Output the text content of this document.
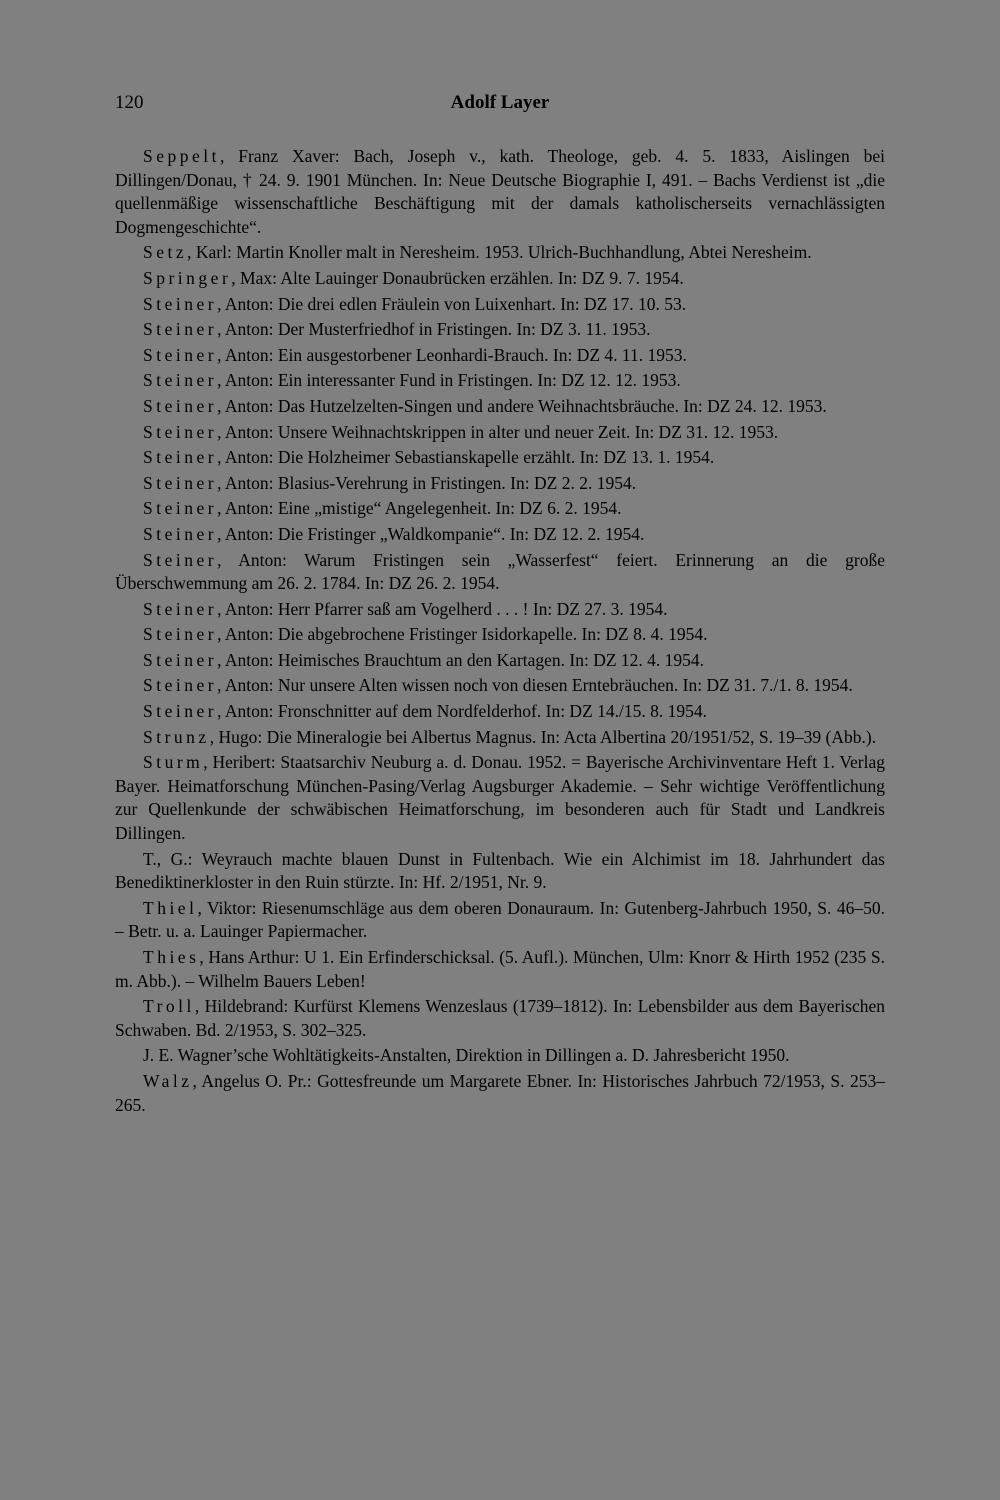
120	Adolf Layer

Seppelt, Franz Xaver: Bach, Joseph v., kath. Theologe, geb. 4. 5. 1833, Aislingen bei Dillingen/Donau, † 24. 9. 1901 München. In: Neue Deutsche Biographie I, 491. – Bachs Verdienst ist „die quellenmäßige wissenschaftliche Beschäftigung mit der damals katholischerseits vernachlässigten Dogmengeschichte“.

Setz, Karl: Martin Knoller malt in Neresheim. 1953. Ulrich-Buchhandlung, Abtei Neresheim.

Springer, Max: Alte Lauinger Donaubrücken erzählen. In: DZ 9. 7. 1954.

Steiner, Anton: Die drei edlen Fräulein von Luixenhart. In: DZ 17. 10. 53.

Steiner, Anton: Der Musterfriedhof in Fristingen. In: DZ 3. 11. 1953.

Steiner, Anton: Ein ausgestorbener Leonhardi-Brauch. In: DZ 4. 11. 1953.

Steiner, Anton: Ein interessanter Fund in Fristingen. In: DZ 12. 12. 1953.

Steiner, Anton: Das Hutzelzelten-Singen und andere Weihnachtsbräuche. In: DZ 24. 12. 1953.

Steiner, Anton: Unsere Weihnachtskrippen in alter und neuer Zeit. In: DZ 31. 12. 1953.

Steiner, Anton: Die Holzheimer Sebastianskapelle erzählt. In: DZ 13. 1. 1954.

Steiner, Anton: Blasius-Verehrung in Fristingen. In: DZ 2. 2. 1954.

Steiner, Anton: Eine „mistige“ Angelegenheit. In: DZ 6. 2. 1954.

Steiner, Anton: Die Fristinger „Waldkompanie“. In: DZ 12. 2. 1954.

Steiner, Anton: Warum Fristingen sein „Wasserfest“ feiert. Erinnerung an die große Überschwemmung am 26. 2. 1784. In: DZ 26. 2. 1954.

Steiner, Anton: Herr Pfarrer saß am Vogelherd . . . ! In: DZ 27. 3. 1954.

Steiner, Anton: Die abgebrochene Fristinger Isidorkapelle. In: DZ 8. 4. 1954.

Steiner, Anton: Heimisches Brauchtum an den Kartagen. In: DZ 12. 4. 1954.

Steiner, Anton: Nur unsere Alten wissen noch von diesen Erntebräuchen. In: DZ 31. 7./1. 8. 1954.

Steiner, Anton: Fronschnitter auf dem Nordfelderhof. In: DZ 14./15. 8. 1954.

Strunz, Hugo: Die Mineralogie bei Albertus Magnus. In: Acta Albertina 20/1951/52, S. 19–39 (Abb.).

Sturm, Heribert: Staatsarchiv Neuburg a. d. Donau. 1952. = Bayerische Archivinventare Heft 1. Verlag Bayer. Heimatforschung München-Pasing/Verlag Augsburger Akademie. – Sehr wichtige Veröffentlichung zur Quellenkunde der schwäbischen Heimatforschung, im besonderen auch für Stadt und Landkreis Dillingen.

T., G.: Weyrauch machte blauen Dunst in Fultenbach. Wie ein Alchimist im 18. Jahrhundert das Benediktinerkloster in den Ruin stürzte. In: Hf. 2/1951, Nr. 9.

Thiel, Viktor: Riesenumschläge aus dem oberen Donauraum. In: Gutenberg-Jahrbuch 1950, S. 46–50. – Betr. u. a. Lauinger Papiermacher.

Thies, Hans Arthur: U 1. Ein Erfinderschicksal. (5. Aufl.). München, Ulm: Knorr & Hirth 1952 (235 S. m. Abb.). – Wilhelm Bauers Leben!

Troll, Hildebrand: Kurfürst Klemens Wenzeslaus (1739–1812). In: Lebensbilder aus dem Bayerischen Schwaben. Bd. 2/1953, S. 302–325.

J. E. Wagner’sche Wohltätigkeits-Anstalten, Direktion in Dillingen a. D. Jahresbericht 1950.

Walz, Angelus O. Pr.: Gottesfreunde um Margarete Ebner. In: Historisches Jahrbuch 72/1953, S. 253–265.
